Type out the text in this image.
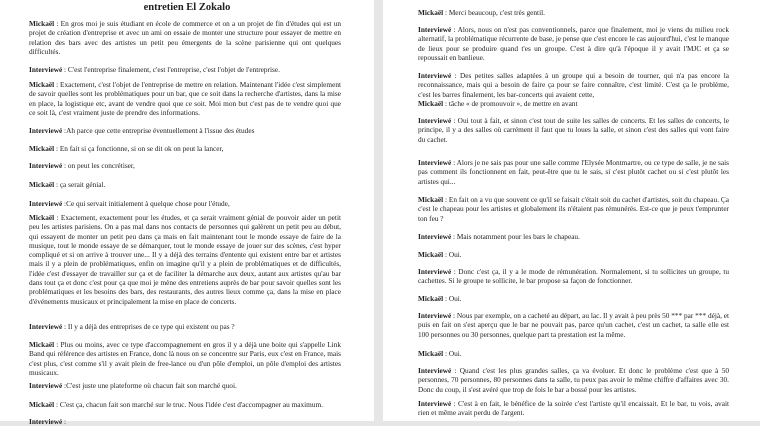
entretien El Zokalo
Mickaël : En gros moi je suis étudiant en école de commerce et on a un projet de fin d'études qui est un projet de création d'entreprise et avec un ami on essaie de monter une structure pour essayer de mettre en relation des bars avec des artistes un petit peu émergents de la scène parisienne qui ont quelques difficultés.
Interviewé : C'est l'entreprise finalement, c'est l'entreprise, c'est l'objet de l'entreprise.
Mickaël : Exactement, c'est l'objet de l'entreprise de mettre en relation. Maintenant l'idée c'est simplement de savoir quelles sont les problématiques pour un bar, que ce soit dans la recherche d'artistes, dans la mise en place, la logistique etc, avant de vendre quoi que ce soit. Moi mon but c'est pas de te vendre quoi que ce soit là, c'est vraiment juste de prendre des informations.
Interviewé :Ah parce que cette entreprise éventuellement à l'issue des études
Mickaël : En fait si ça fonctionne, si on se dit ok on peut la lancer,
Interviewé : on peut les concrétiser,
Mickaël : ça serait génial.
Interviewé :Ce qui servait initialement à quelque chose pour l'étude,
Mickaël : Exactement, exactement pour les études, et ça serait vraiment génial de pouvoir aider un petit peu les artistes parisiens. On a pas mal dans nos contacts de personnes qui galèrent un petit peu au début, qui essayent de monter un petit peu dans ça mais en fait maintenant tout le monde essaye de faire de la musique, tout le monde essaye de se démarquer, tout le monde essaye de jouer sur des scènes, c'est hyper compliqué et si on arrive à trouver une... Il y a déjà des terrains d'entente qui existent entre bar et artistes mais il y a plein de problématiques, enfin on imagine qu'il y a plein de problématiques et de difficultés, l'idée c'est d'essayer de travailler sur ça et de faciliter la démarche aux deux, autant aux artistes qu'au bar dans tout ça et donc c'est pour ça que moi je mène des entretiens auprès de bar pour savoir quelles sont les problématiques et les besoins des bars, des restaurants, des autres lieux comme ça, dans la mise en place d'événements musicaux et principalement la mise en place de concerts.
Interviewé : Il y a déjà des entreprises de ce type qui existent ou pas ?
Mickaël : Plus ou moins, avec ce type d'accompagnement en gros il y a déjà une boite qui s'appelle Link Band qui référence des artistes en France, donc là nous on se concentre sur Paris, eux c'est en France, mais c'est plus, c'est comme s'il y avait plein de free-lance ou d'un pôle d'emploi, un pôle d'emploi des artistes musicaux.
Interviewé :C'est juste une plateforme où chacun fait son marché quoi.
Mickaël : C'est ça, chacun fait son marché sur le truc. Nous l'idée c'est d'accompagner au maximum.
Interviewé :
Mickaël : Merci beaucoup, c'est très gentil.
Interviewé : Alors, nous on n'est pas conventionnels, parce que finalement, moi je viens du milieu rock alternatif, la problématique récurrente de base, je pense que c'est encore le cas aujourd'hui, c'est le manque de lieux pour se produire quand t'es un groupe. C'est à dire qu'à l'époque il y avait l'MJC et ça se repoussait en banlieue.
Interviewé : Des petites salles adaptées à un groupe qui a besoin de tourner, qui n'a pas encore la reconnaissance, mais qui a besoin de faire ça pour se faire connaître, c'est limité. C'est ça le problème, c'est les barres finalement, les bar-concerts qui avaient cette,
Mickaël : tâche « de promouvoir », de mettre en avant
Interviewé : Oui tout à fait, et sinon c'est tout de suite les salles de concerts. Et les salles de concerts, le principe, il y a des salles où carrément il faut que tu loues la salle, et sinon c'est des salles qui vont faire du cachet.
Interviewé : Alors je ne sais pas pour une salle comme l'Elysée Montmartre, ou ce type de salle, je ne sais pas comment ils fonctionnent en fait, peut-être que tu le sais, si c'est plutôt cachet ou si c'est plutôt les artistes qui...
Mickaël : En fait on a vu que souvent ce qu'il se faisait c'était soit du cachet d'artistes, soit du chapeau. Ça c'est le chapeau pour les artistes et globalement ils n'étaient pas rémunérés. Est-ce que je peux t'emprunter ton feu ?
Interviewé : Mais notamment pour les bars le chapeau.
Mickaël : Oui.
Interviewé : Donc c'est ça, il y a le mode de rémunération. Normalement, si tu sollicites un groupe, tu cachettes. Si le groupe te sollicite, le bar propose sa façon de fonctionner.
Mickaël : Oui.
Interviewé : Nous par exemple, on a cacheté au départ, au lac. Il y avait à peu près 50 *** par *** déjà, et puis en fait on s'est aperçu que le bar ne pouvait pas, parce qu'un cachet, c'est un cachet, ta salle elle est 100 personnes ou 30 personnes, quelque part ta prestation est la même.
Mickaël : Oui.
Interviewé : Quand c'est les plus grandes salles, ça va évoluer. Et donc le problème c'est que à 50 personnes, 70 personnes, 80 personnes dans ta salle, tu peux pas avoir le même chiffre d'affaires avec 30. Donc du coup, il s'est avéré que trop de fois le bar a bossé pour les artistes.
Interviewé : C'est à en fait, le bénéfice de la soirée c'est l'artiste qu'il encaissait. Et le bar, tu vois, avait rien et même avait perdu de l'argent.
